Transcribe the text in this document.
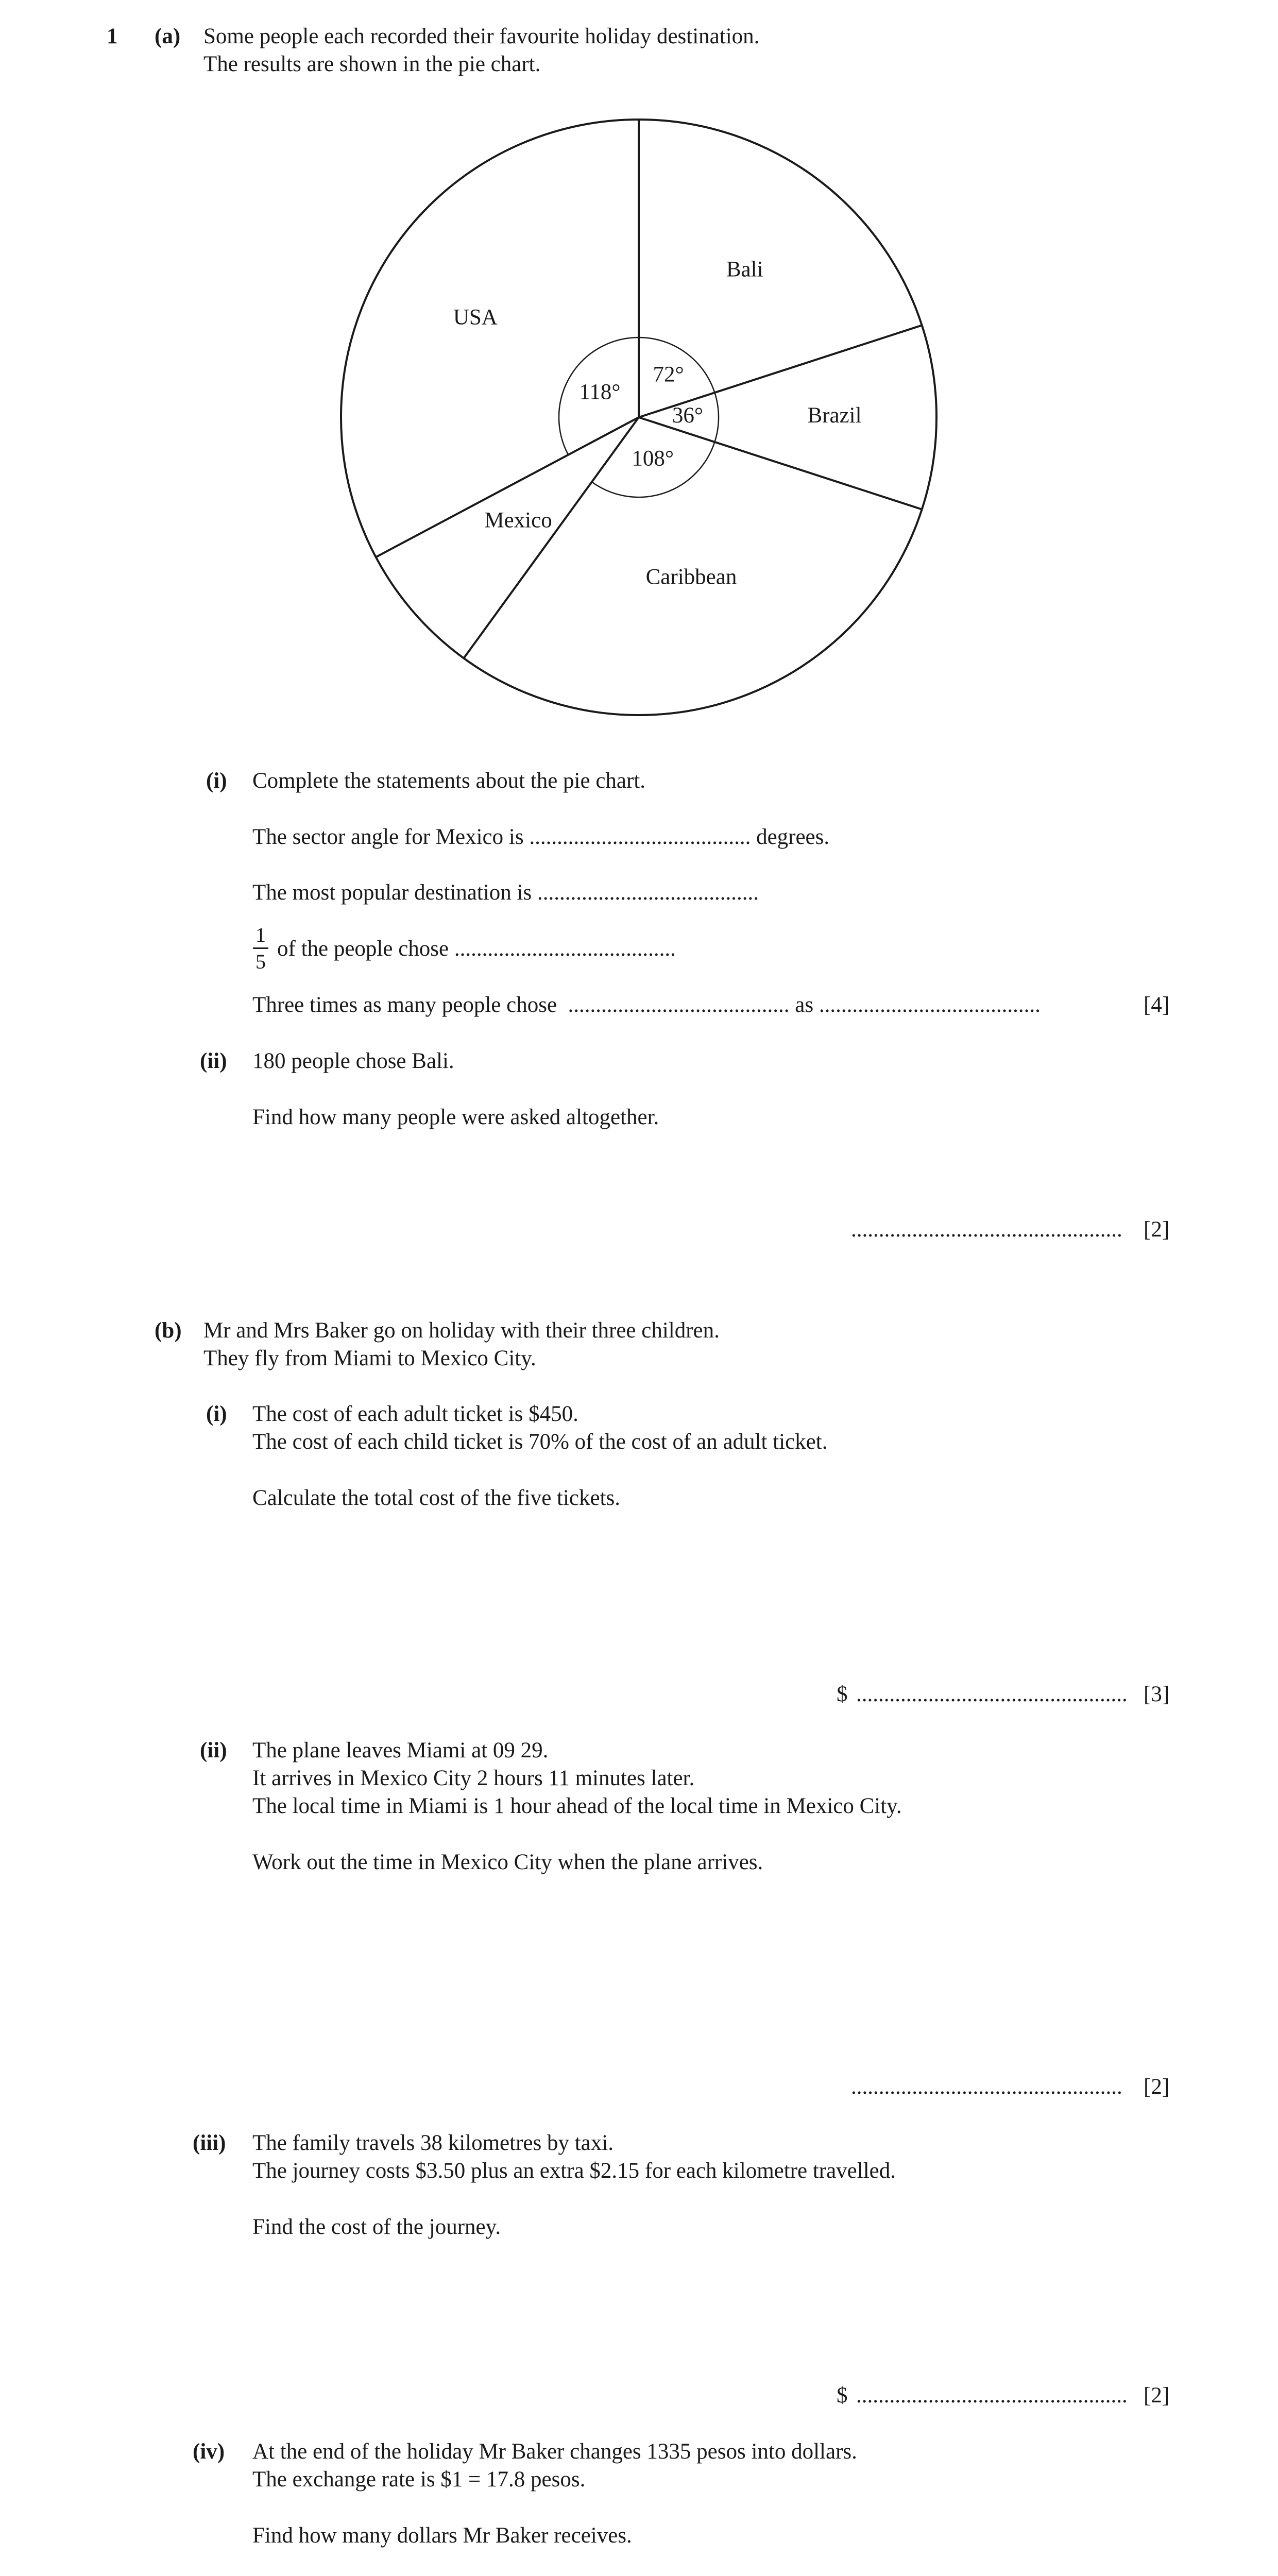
1 (a) Some people each recorded their favourite holiday destination.
The results are shown in the pie chart.
Bali
72°
Brazil
36°
Caribbean
108°
Mexico
USA
118°
(i) Complete the statements about the pie chart.
The sector angle for Mexico is ........................................ degrees.
The most popular destination is ........................................
1
5
of the people chose ........................................
Three times as many people chose ........................................ as ........................................	[4]
(ii) 180 people chose Bali.
Find how many people were asked altogether.
................................................. [2]
(b) Mr and Mrs Baker go on holiday with their three children.
They fly from Miami to Mexico City.
(i) The cost of each adult ticket is $450.
The cost of each child ticket is 70% of the cost of an adult ticket.
Calculate the total cost of the five tickets.
$ ................................................. [3]
(ii) The plane leaves Miami at 09 29.
It arrives in Mexico City 2 hours 11 minutes later.
The local time in Miami is 1 hour ahead of the local time in Mexico City.
Work out the time in Mexico City when the plane arrives.
................................................. [2]
(iii) The family travels 38 kilometres by taxi.
The journey costs $3.50 plus an extra $2.15 for each kilometre travelled.
Find the cost of the journey.
$ ................................................. [2]
(iv) At the end of the holiday Mr Baker changes 1335 pesos into dollars.
The exchange rate is $1 = 17.8 pesos.
Find how many dollars Mr Baker receives.
